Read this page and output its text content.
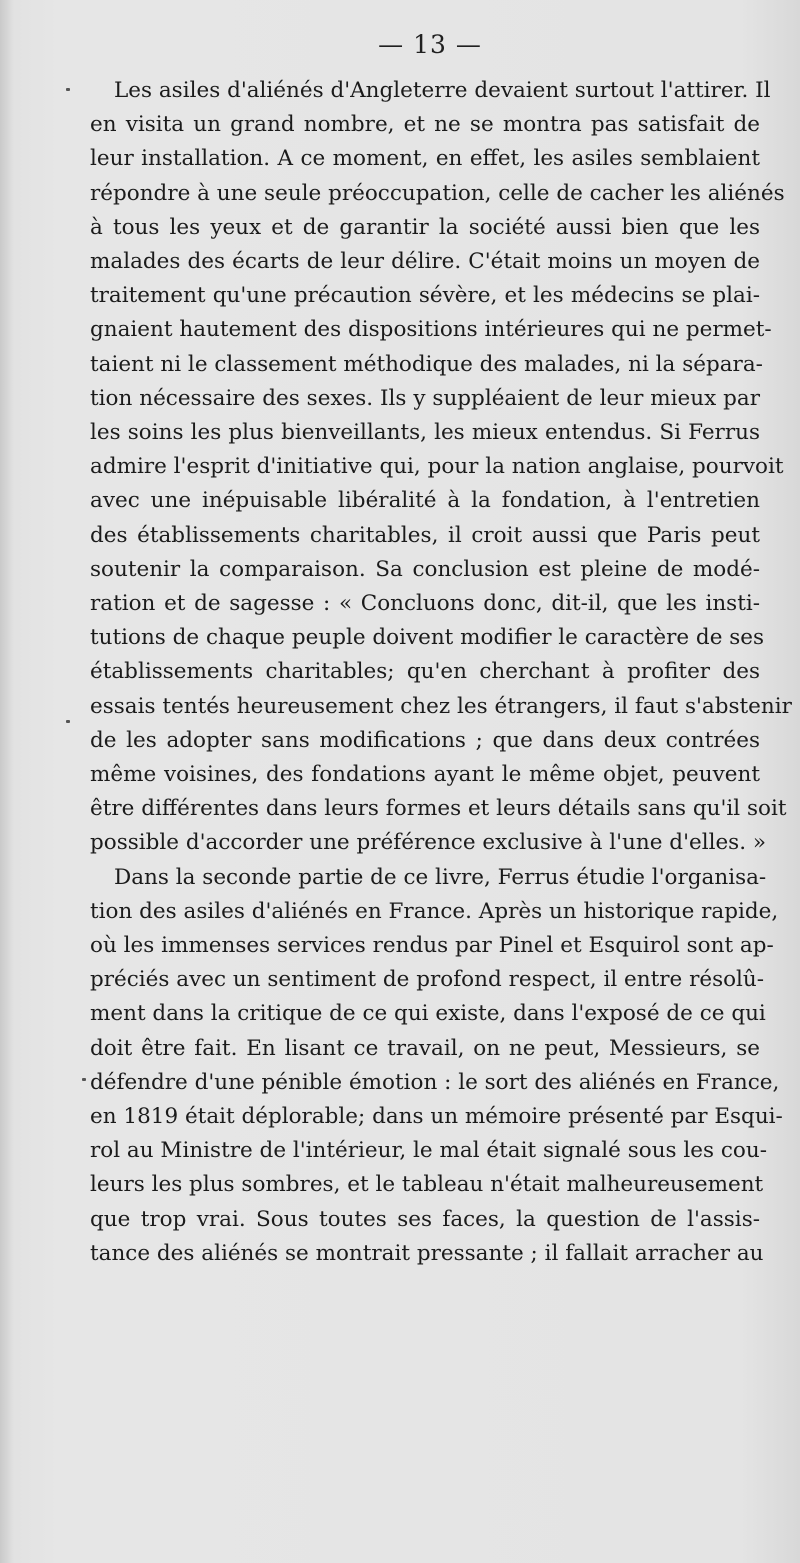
— 13 —
Les asiles d'aliénés d'Angleterre devaient surtout l'attirer. Il
en visita un grand nombre, et ne se montra pas satisfait de
leur installation. A ce moment, en effet, les asiles semblaient
répondre à une seule préoccupation, celle de cacher les aliénés
à tous les yeux et de garantir la société aussi bien que les
malades des écarts de leur délire. C'était moins un moyen de
traitement qu'une précaution sévère, et les médecins se plai-
gnaient hautement des dispositions intérieures qui ne permet-
taient ni le classement méthodique des malades, ni la sépara-
tion nécessaire des sexes. Ils y suppléaient de leur mieux par
les soins les plus bienveillants, les mieux entendus. Si Ferrus
admire l'esprit d'initiative qui, pour la nation anglaise, pourvoit
avec une inépuisable libéralité à la fondation, à l'entretien
des établissements charitables, il croit aussi que Paris peut
soutenir la comparaison. Sa conclusion est pleine de modé-
ration et de sagesse : « Concluons donc, dit-il, que les insti-
tutions de chaque peuple doivent modifier le caractère de ses
établissements charitables; qu'en cherchant à profiter des
essais tentés heureusement chez les étrangers, il faut s'abstenir
de les adopter sans modifications ; que dans deux contrées
même voisines, des fondations ayant le même objet, peuvent
être différentes dans leurs formes et leurs détails sans qu'il soit
possible d'accorder une préférence exclusive à l'une d'elles. »
Dans la seconde partie de ce livre, Ferrus étudie l'organisa-
tion des asiles d'aliénés en France. Après un historique rapide,
où les immenses services rendus par Pinel et Esquirol sont ap-
préciés avec un sentiment de profond respect, il entre résolû-
ment dans la critique de ce qui existe, dans l'exposé de ce qui
doit être fait. En lisant ce travail, on ne peut, Messieurs, se
défendre d'une pénible émotion : le sort des aliénés en France,
en 1819 était déplorable; dans un mémoire présenté par Esqui-
rol au Ministre de l'intérieur, le mal était signalé sous les cou-
leurs les plus sombres, et le tableau n'était malheureusement
que trop vrai. Sous toutes ses faces, la question de l'assis-
tance des aliénés se montrait pressante ; il fallait arracher au
